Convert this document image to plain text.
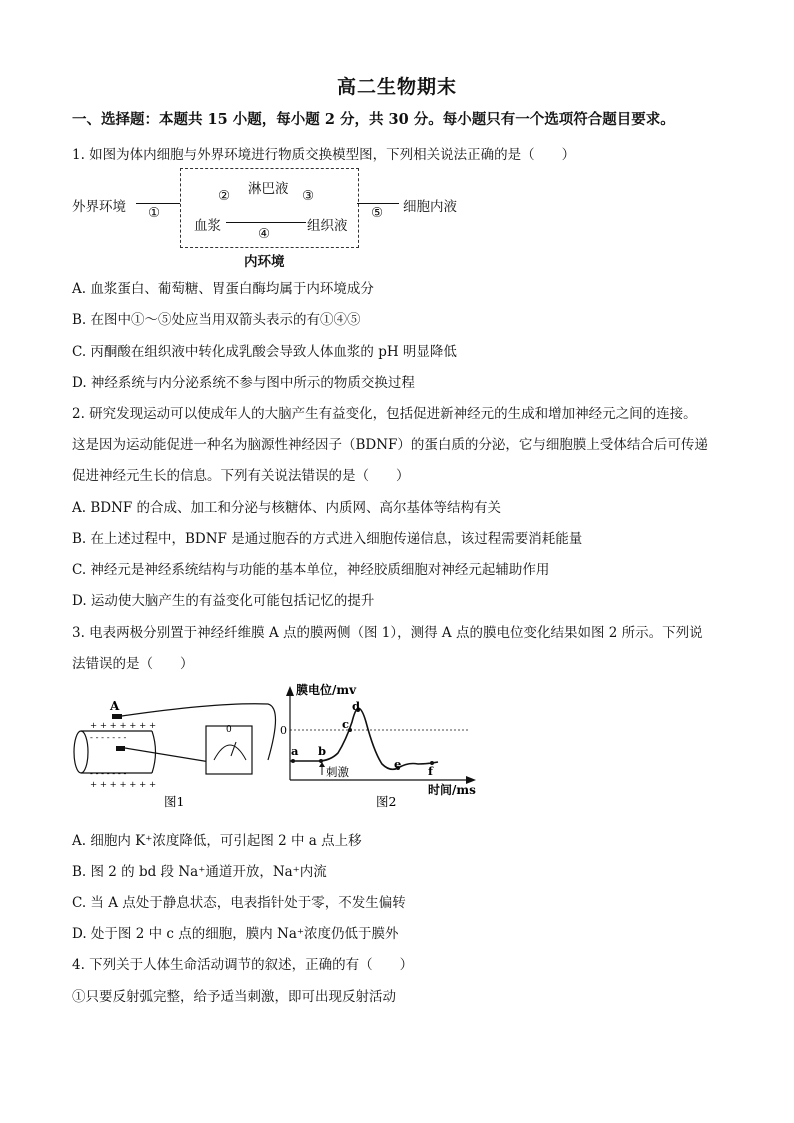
高二生物期末
一、选择题：本题共 15 小题，每小题 2 分，共 30 分。每小题只有一个选项符合题目要求。
1. 如图为体内细胞与外界环境进行物质交换模型图，下列相关说法正确的是（　　）
外界环境 ①
淋巴液
②	③
血浆	④	组织液
⑤ 细胞内液
内环境
A. 血浆蛋白、葡萄糖、胃蛋白酶均属于内环境成分
B. 在图中①～⑤处应当用双箭头表示的有①④⑤
C. 丙酮酸在组织液中转化成乳酸会导致人体血浆的 pH 明显降低
D. 神经系统与内分泌系统不参与图中所示的物质交换过程
2. 研究发现运动可以使成年人的大脑产生有益变化，包括促进新神经元的生成和增加神经元之间的连接。
这是因为运动能促进一种名为脑源性神经因子（BDNF）的蛋白质的分泌，它与细胞膜上受体结合后可传递
促进神经元生长的信息。下列有关说法错误的是（　　）
A. BDNF 的合成、加工和分泌与核糖体、内质网、高尔基体等结构有关
B. 在上述过程中，BDNF 是通过胞吞的方式进入细胞传递信息，该过程需要消耗能量
C. 神经元是神经系统结构与功能的基本单位，神经胶质细胞对神经元起辅助作用
D. 运动使大脑产生的有益变化可能包括记忆的提升
3. 电表两极分别置于神经纤维膜 A 点的膜两侧（图 1），测得 A 点的膜电位变化结果如图 2 所示。下列说
法错误的是（　　）
A
+ + + + + + +
- - - - - - -
- - - - - - -
+ + + + + + +
0
图1
膜电位/mv
时间/ms
0
a b
c
d
e f
刺激
图2
A. 细胞内 K⁺浓度降低，可引起图 2 中 a 点上移
B. 图 2 的 bd 段 Na⁺通道开放，Na⁺内流
C. 当 A 点处于静息状态，电表指针处于零，不发生偏转
D. 处于图 2 中 c 点的细胞，膜内 Na⁺浓度仍低于膜外
4. 下列关于人体生命活动调节的叙述，正确的有（　　）
①只要反射弧完整，给予适当刺激，即可出现反射活动
